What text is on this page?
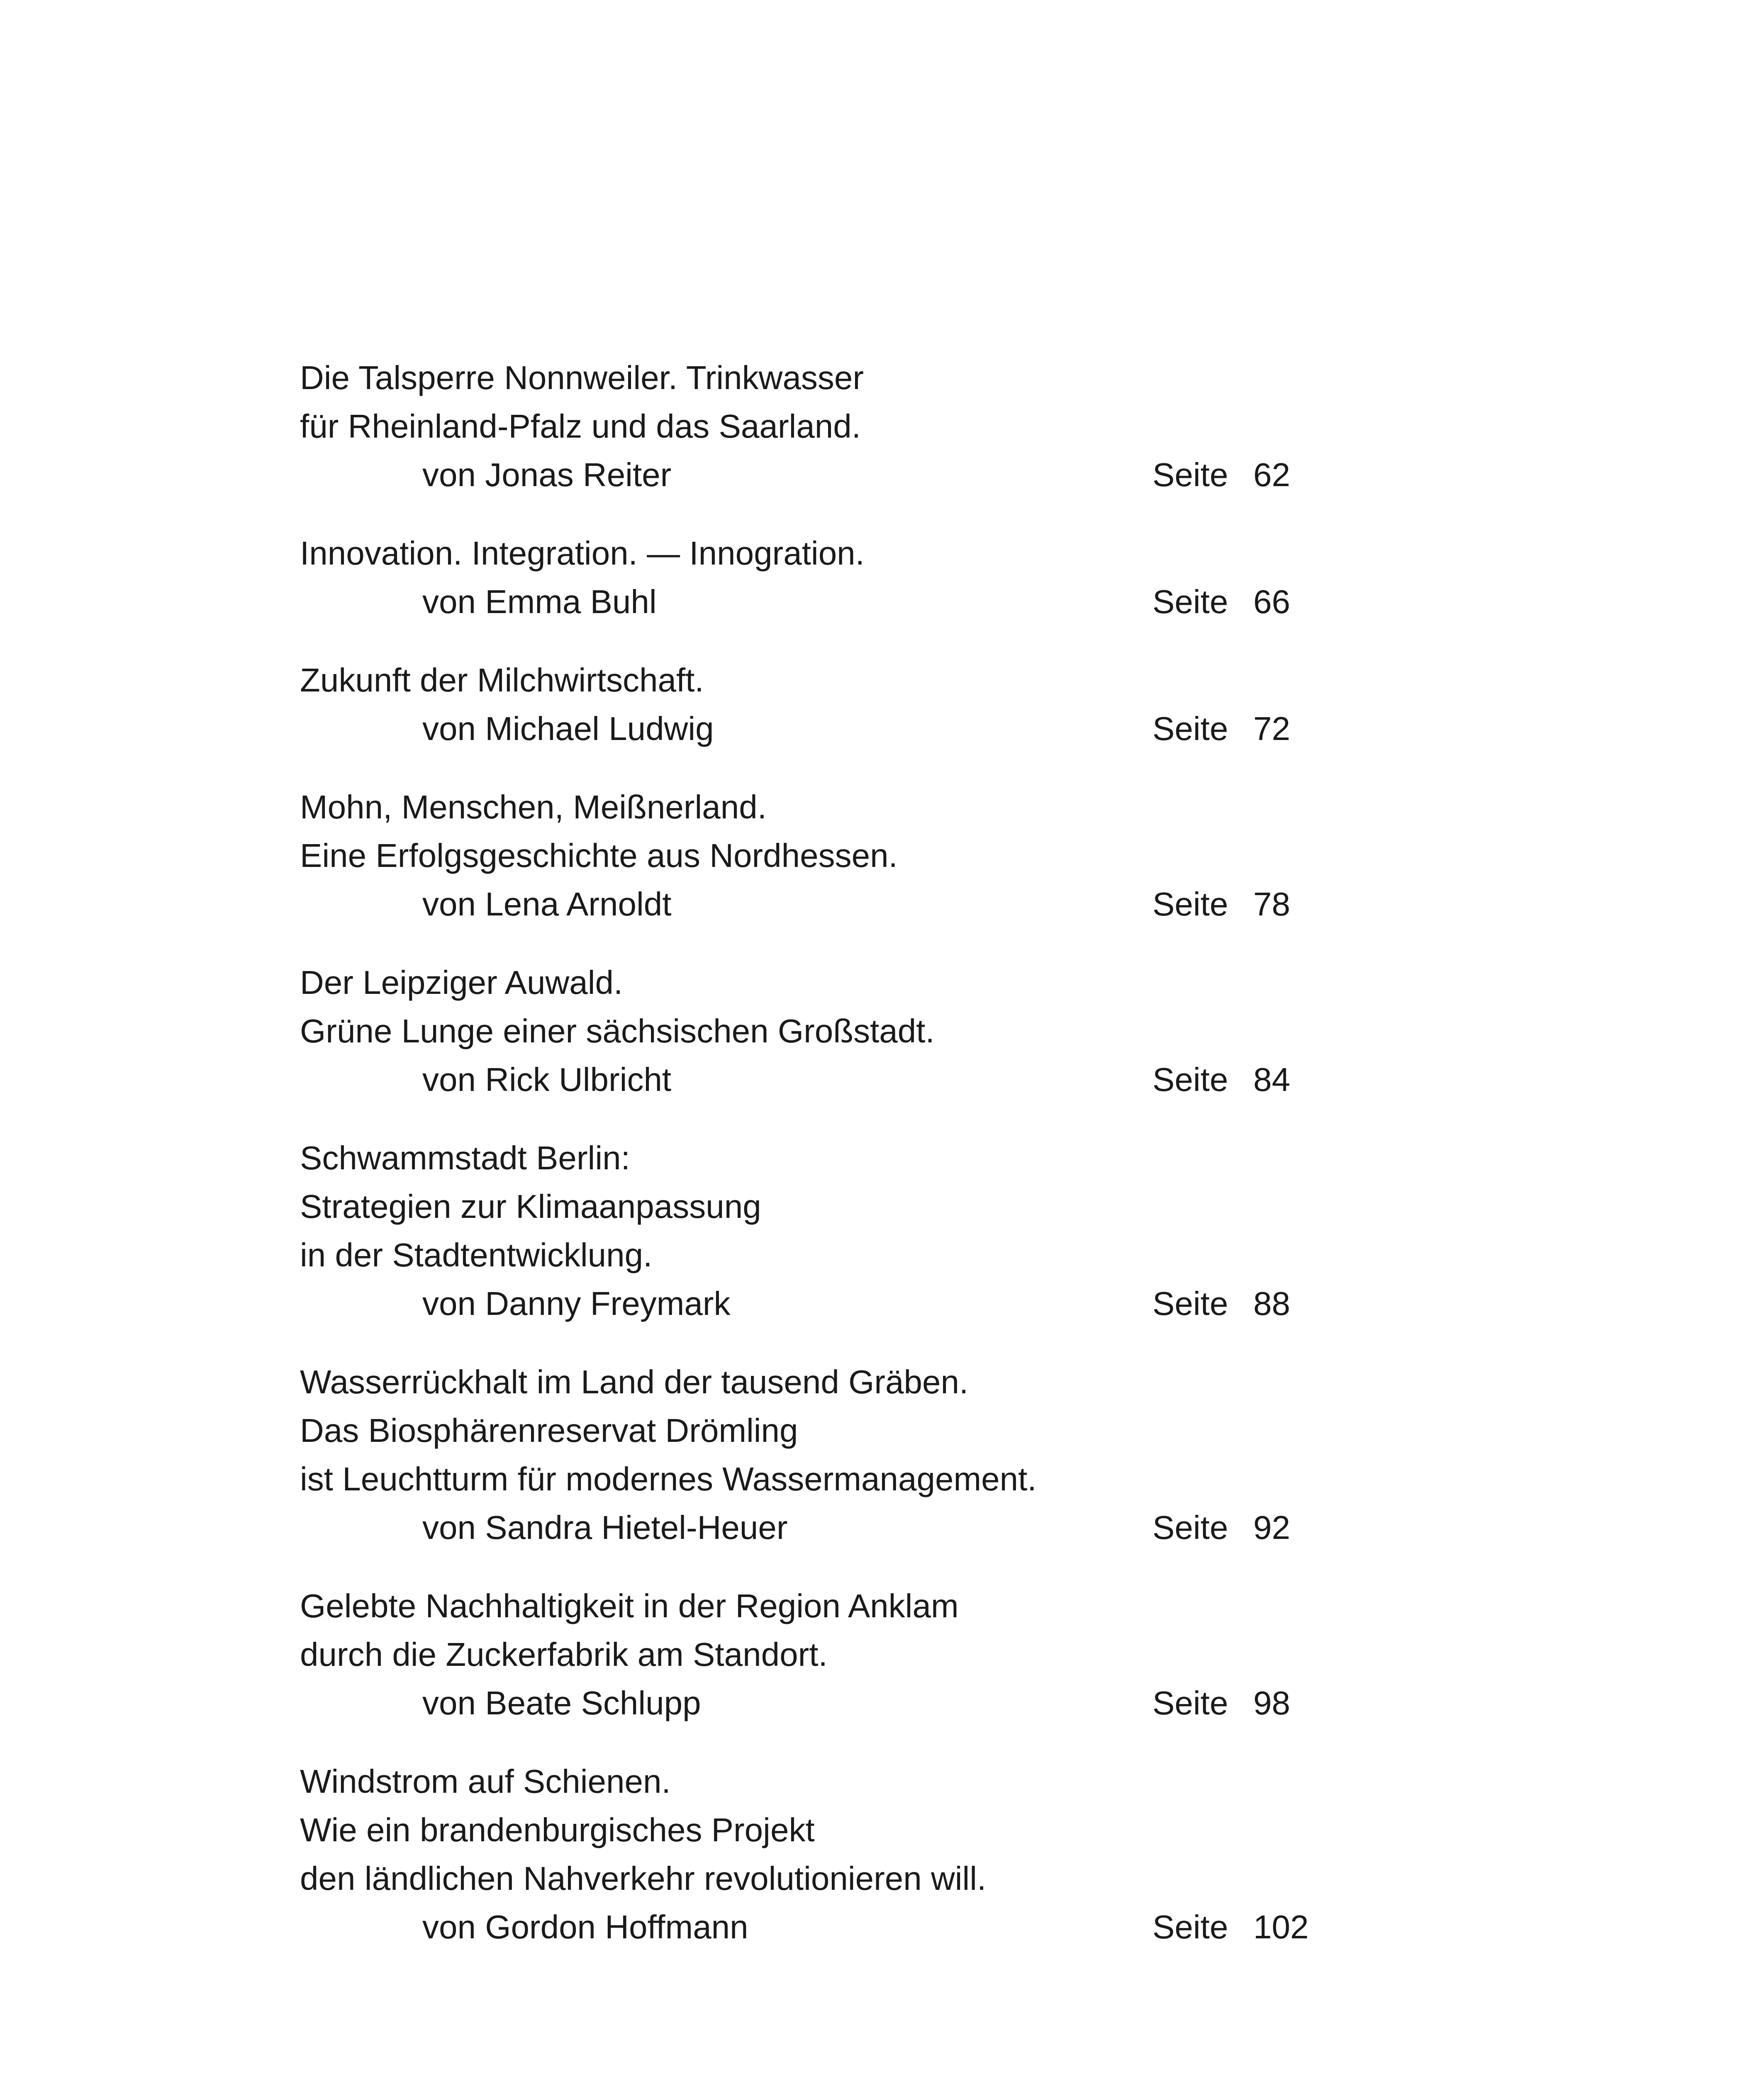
Die Talsperre Nonnweiler. Trinkwasser
für Rheinland-Pfalz und das Saarland.
von Jonas Reiter	Seite 62
Innovation. Integration. — Innogration.
von Emma Buhl	Seite 66
Zukunft der Milchwirtschaft.
von Michael Ludwig	Seite 72
Mohn, Menschen, Meißnerland.
Eine Erfolgsgeschichte aus Nordhessen.
von Lena Arnoldt	Seite 78
Der Leipziger Auwald.
Grüne Lunge einer sächsischen Großstadt.
von Rick Ulbricht	Seite 84
Schwammstadt Berlin:
Strategien zur Klimaanpassung
in der Stadtentwicklung.
von Danny Freymark	Seite 88
Wasserrückhalt im Land der tausend Gräben.
Das Biosphärenreservat Drömling
ist Leuchtturm für modernes Wassermanagement.
von Sandra Hietel-Heuer	Seite 92
Gelebte Nachhaltigkeit in der Region Anklam
durch die Zuckerfabrik am Standort.
von Beate Schlupp	Seite 98
Windstrom auf Schienen.
Wie ein brandenburgisches Projekt
den ländlichen Nahverkehr revolutionieren will.
von Gordon Hoffmann	Seite 102
